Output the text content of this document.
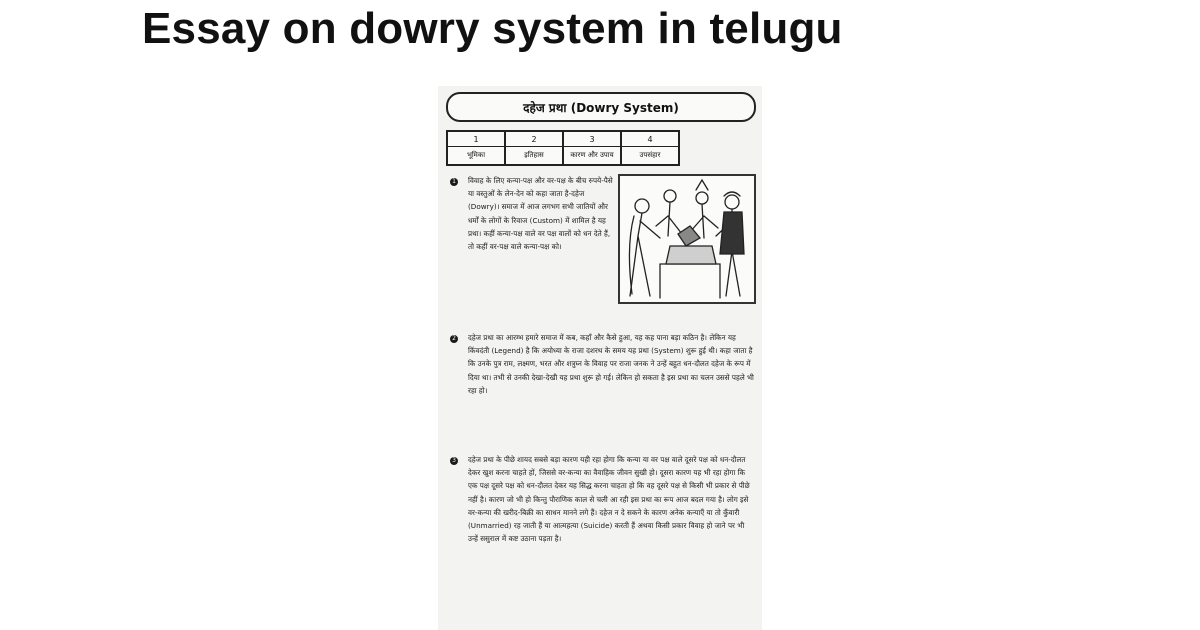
Essay on dowry system in telugu
दहेज प्रथा (Dowry System)
1
भूमिका
2
इतिहास
3
कारण और उपाय
4
उपसंहार
1 विवाह के लिए कन्या-पक्ष और वर-पक्ष के बीच रुपये-पैसे या वस्तुओं के लेन-देन को कहा जाता है-दहेज (Dowry)। समाज में आज लगभग सभी जातियों और धर्मों के लोगों के रिवाज (Custom) में शामिल है यह प्रथा। कहीं कन्या-पक्ष वाले वर पक्ष वालों को धन देते हैं, तो कहीं वर-पक्ष वाले कन्या-पक्ष को।

2 दहेज प्रथा का आरम्भ हमारे समाज में कब, कहाँ और कैसे हुआ, यह कह पाना बड़ा कठिन है। लेकिन यह किंवदंती (Legend) है कि अयोध्या के राजा दशरथ के समय यह प्रथा (System) शुरू हुई थी। कहा जाता है कि उनके पुत्र राम, लक्ष्मण, भरत और शत्रुघ्न के विवाह पर राजा जनक ने उन्हें बहुत धन-दौलत दहेज के रूप में दिया था। तभी से उनकी देखा-देखी यह प्रथा शुरू हो गई। लेकिन हो सकता है इस प्रथा का चलन उससे पहले भी रहा हो।

3 दहेज प्रथा के पीछे शायद सबसे बड़ा कारण यही रहा होगा कि कन्या या वर पक्ष वाले दूसरे पक्ष को धन-दौलत देकर खुश करना चाहते हों, जिससे वर-कन्या का वैवाहिक जीवन सुखी हो। दूसरा कारण यह भी रहा होगा कि एक पक्ष दूसरे पक्ष को धन-दौलत देकर यह सिद्ध करना चाहता हो कि वह दूसरे पक्ष से किसी भी प्रकार से पीछे नहीं है। कारण जो भी हो किन्तु पौराणिक काल से चली आ रही इस प्रथा का रूप आज बदल गया है। लोग इसे वर-कन्या की खरीद-बिक्री का साधन मानने लगे हैं। दहेज न दे सकने के कारण अनेक कन्याएँ या तो कुँवारी (Unmarried) रह जाती हैं या आत्महत्या (Suicide) करती हैं अथवा किसी प्रकार विवाह हो जाने पर भी उन्हें ससुराल में कष्ट उठाना पड़ता है।
